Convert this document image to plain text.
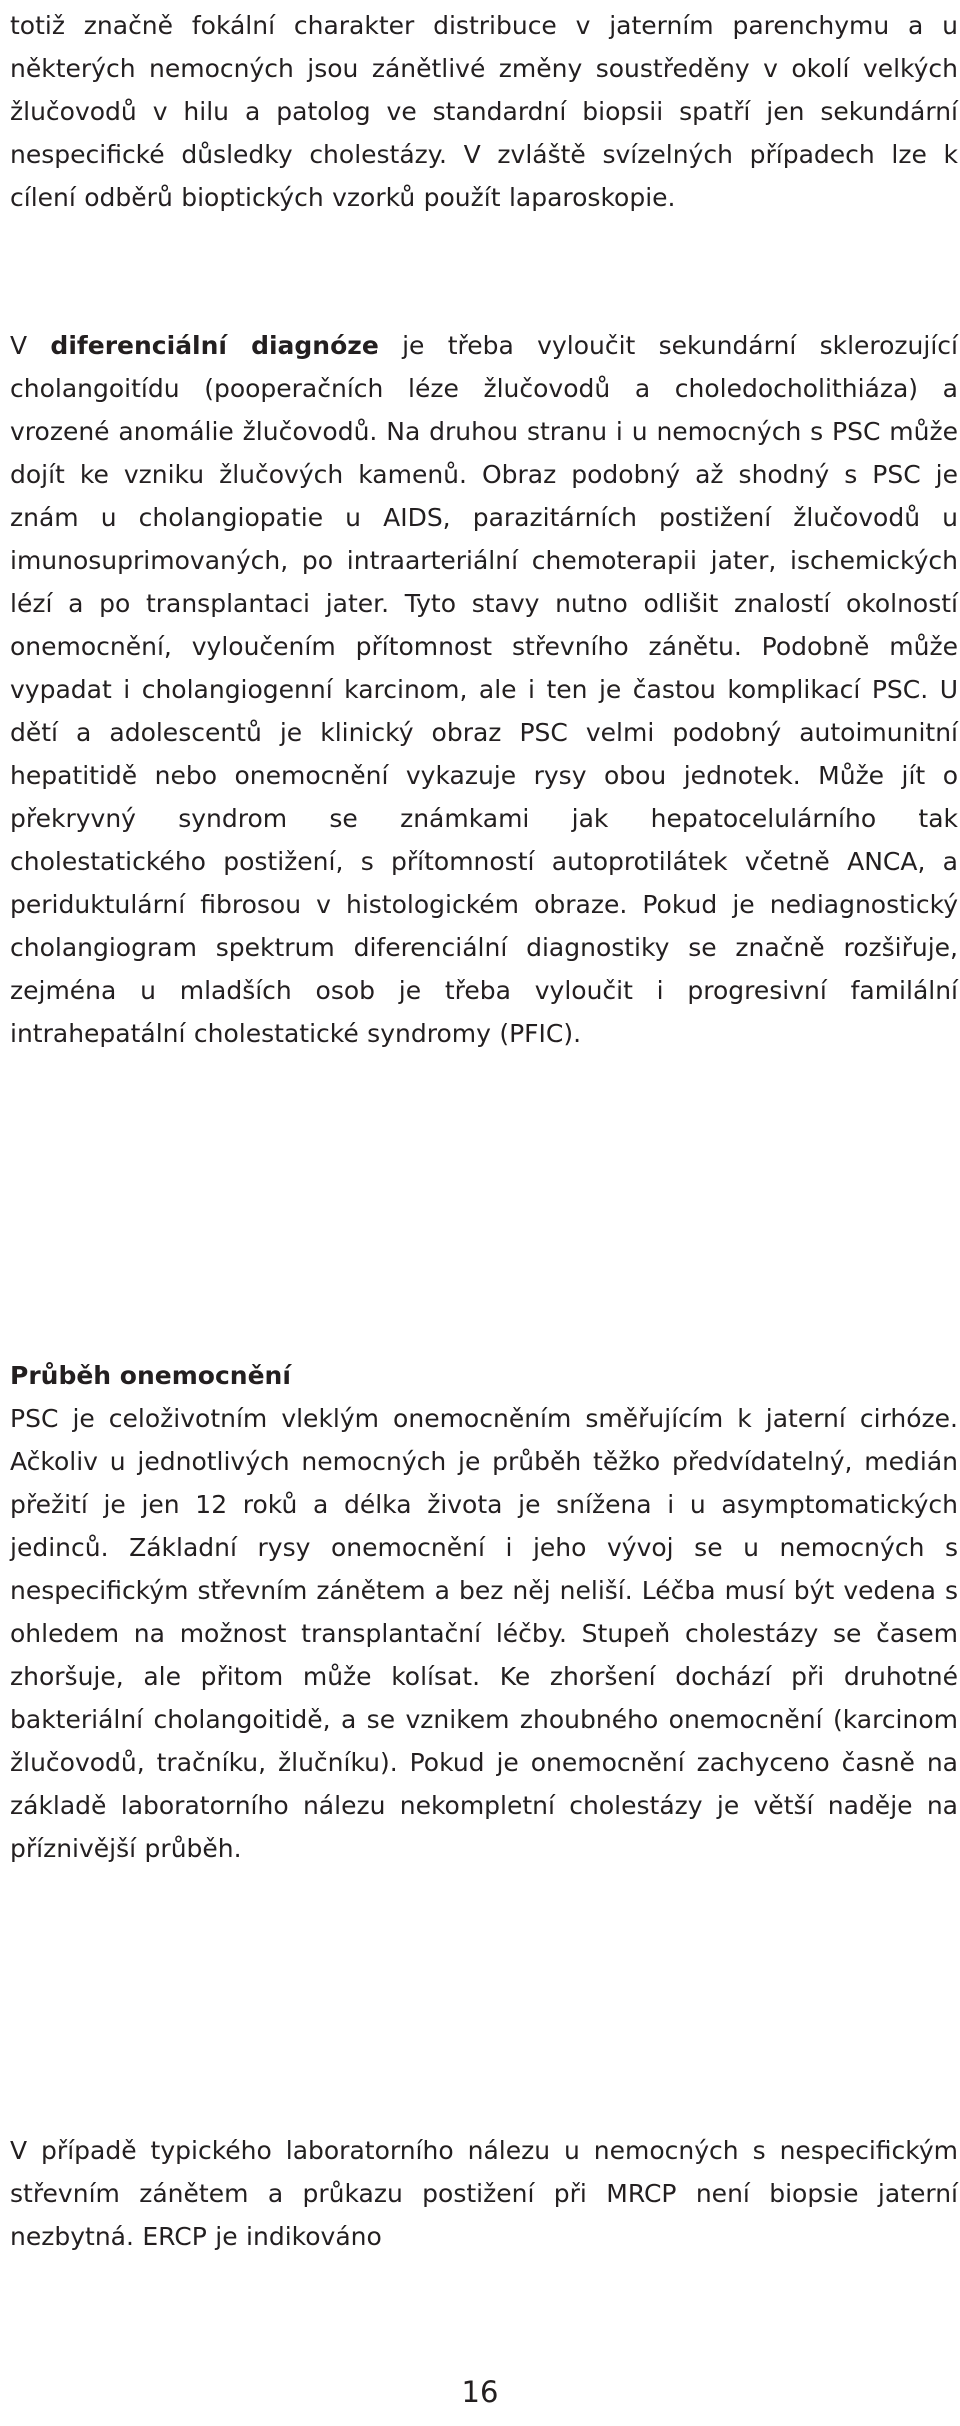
totiž značně fokální charakter distribuce v jaterním parenchymu a u některých nemocných jsou zánětlivé změny soustředěny v okolí velkých žlučovodů v hilu a patolog ve standardní biopsii spatří jen sekundární nespecifické důsledky cholestázy. V zvláště svízelných případech lze k cílení odběrů bioptických vzorků použít laparoskopie.

V diferenciální diagnóze je třeba vyloučit sekundární sklerozující cholangoitídu (pooperačních léze žlučovodů a choledocholithiáza) a vrozené anomálie žlučovodů. Na druhou stranu i u nemocných s PSC může dojít ke vzniku žlučových kamenů. Obraz podobný až shodný s PSC je znám u cholangiopatie u AIDS, parazitárních postižení žlučovodů u imunosuprimovaných, po intraarteriální chemoterapii jater, ischemických lézí a po transplantaci jater. Tyto stavy nutno odlišit znalostí okolností onemocnění, vyloučením přítomnost střevního zánětu. Podobně může vypadat i cholangiogenní karcinom, ale i ten je častou komplikací PSC. U dětí a adolescentů je klinický obraz PSC velmi podobný autoimunitní hepatitidě nebo onemocnění vykazuje rysy obou jednotek. Může jít o překryvný syndrom se známkami jak hepatocelulárního tak cholestatického postižení, s přítomností autoprotilátek včetně ANCA, a periduktulární fibrosou v histologickém obraze. Pokud je nediagnostický cholangiogram spektrum diferenciální diagnostiky se značně rozšiřuje, zejména u mladších osob je třeba vyloučit i progresivní familální intrahepatální cholestatické syndromy (PFIC).

Průběh onemocnění

PSC je celoživotním vleklým onemocněním směřujícím k jaterní cirhóze. Ačkoliv u jednotlivých nemocných je průběh těžko předvídatelný, medián přežití je jen 12 roků a délka života je snížena i u asymptomatických jedinců. Základní rysy onemocnění i jeho vývoj se u nemocných s nespecifickým střevním zánětem a bez něj neliší. Léčba musí být vedena s ohledem na možnost transplantační léčby. Stupeň cholestázy se časem zhoršuje, ale přitom může kolísat. Ke zhoršení dochází při druhotné bakteriální cholangoitidě, a se vznikem zhoubného onemocnění (karcinom žlučovodů, tračníku, žlučníku). Pokud je onemocnění zachyceno časně na základě laboratorního nálezu nekompletní cholestázy je větší naděje na příznivější průběh.

V případě typického laboratorního nálezu u nemocných s nespecifickým střevním zánětem a průkazu postižení při MRCP není biopsie jaterní nezbytná. ERCP je indikováno

16
